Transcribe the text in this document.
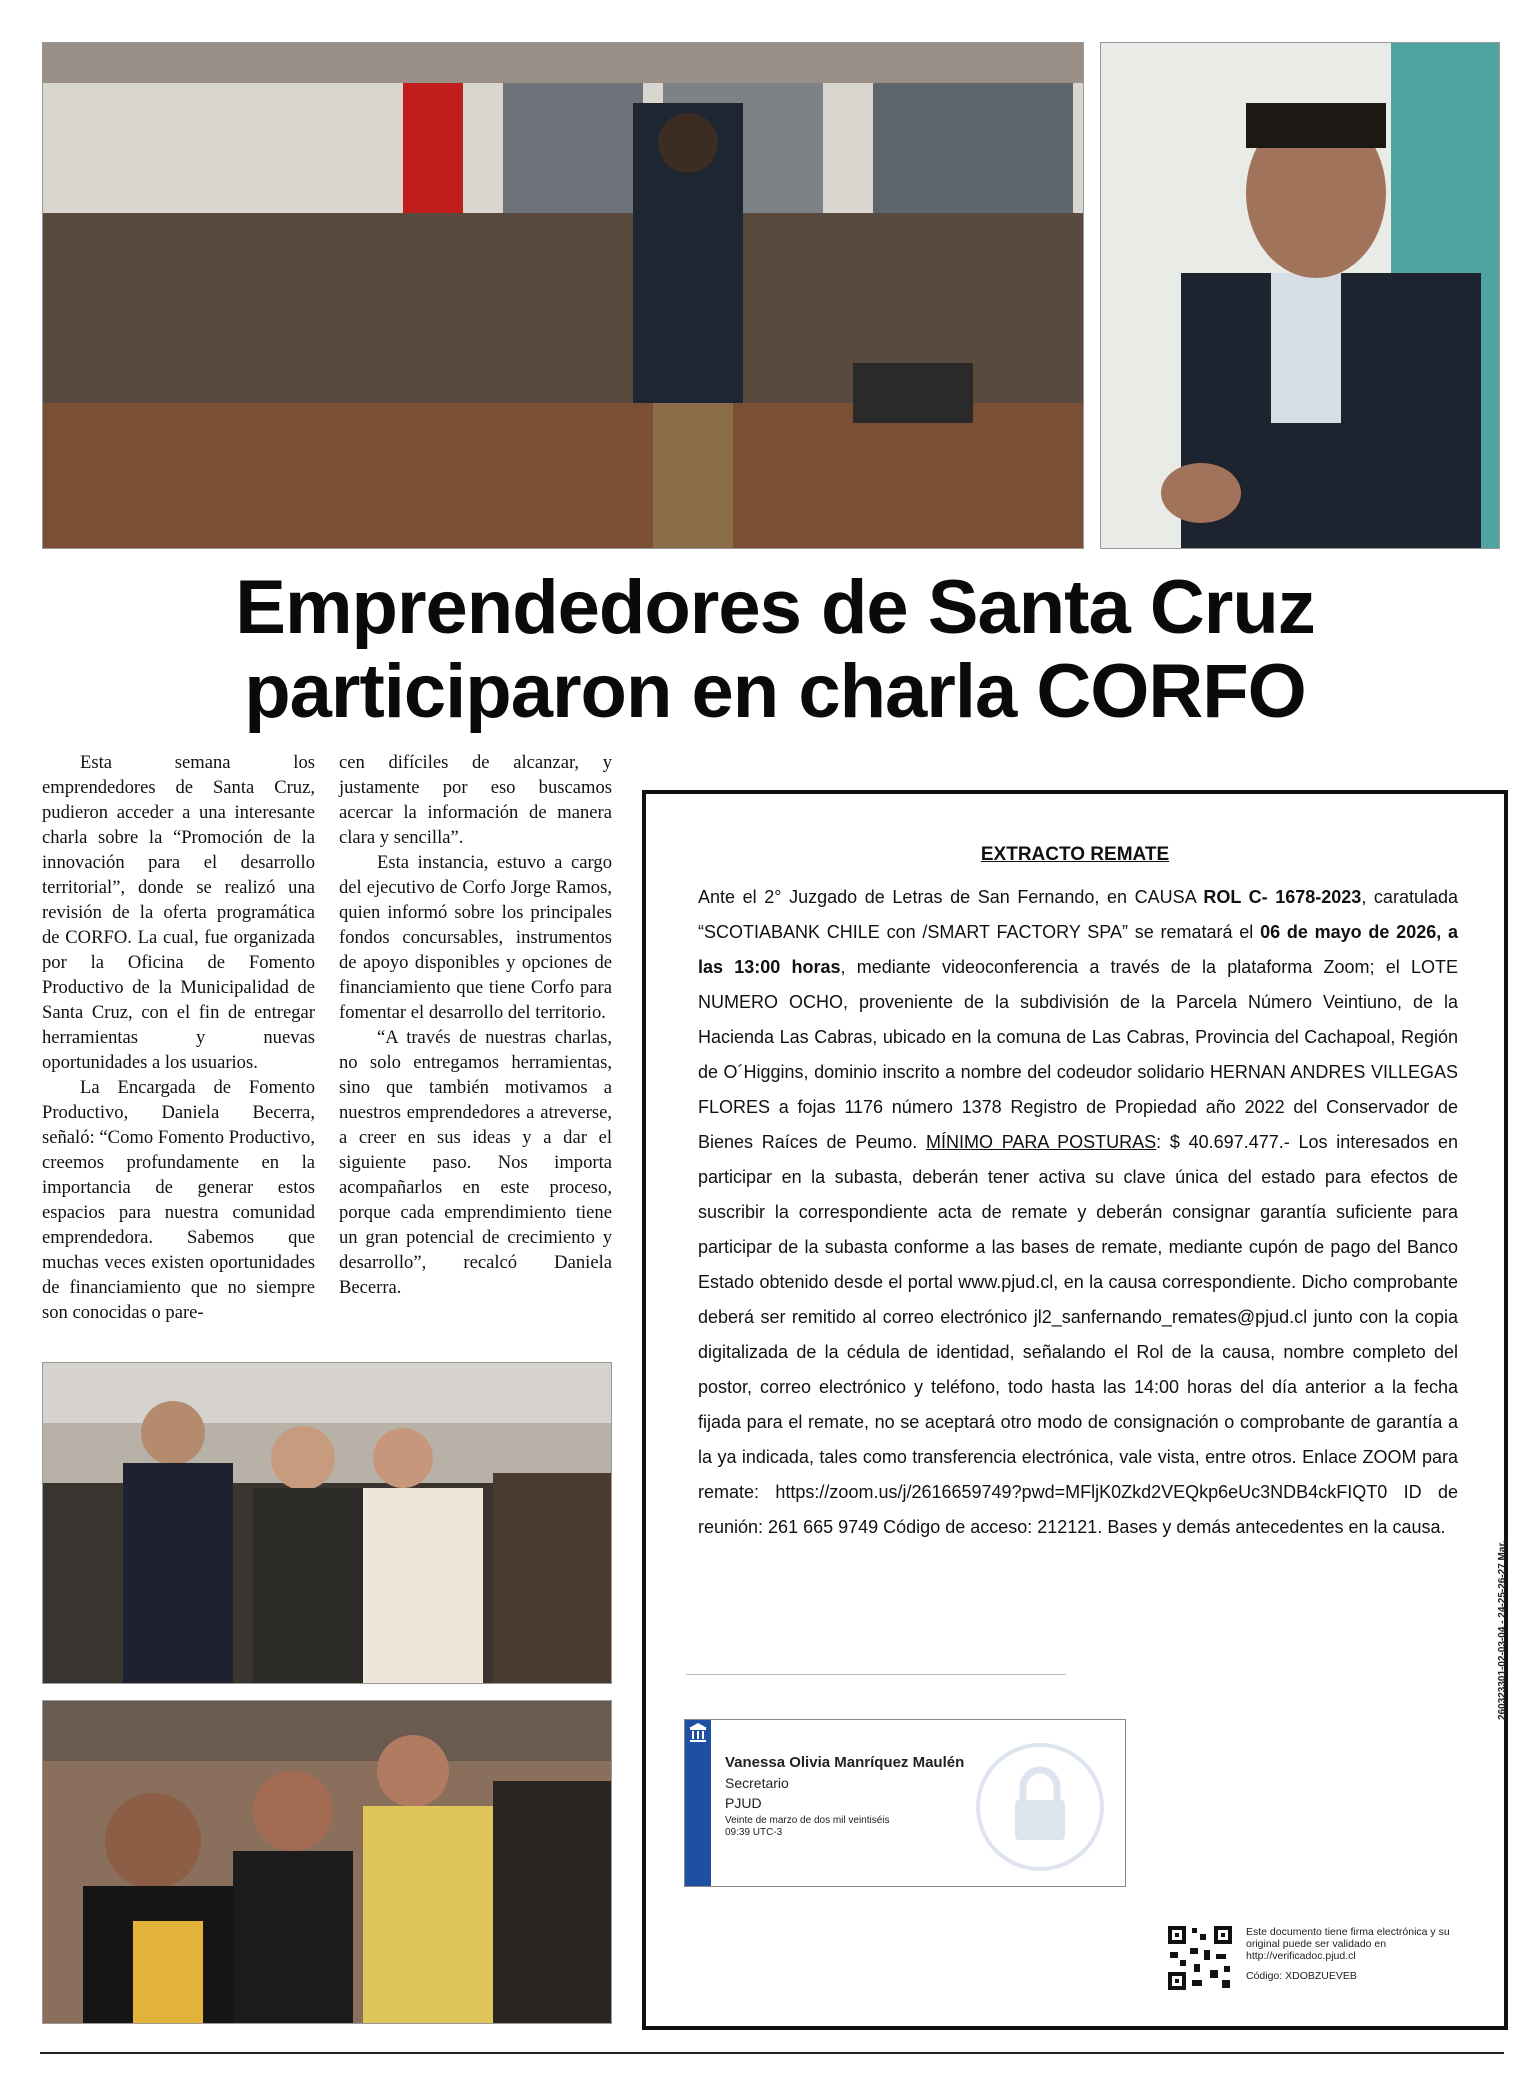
Emprendedores de Santa Cruz
participaron en charla CORFO

Esta semana los emprendedores de Santa Cruz, pudieron acceder a una interesante charla sobre la “Promoción de la innovación para el desarrollo territorial”, donde se realizó una revisión de la oferta programática de CORFO. La cual, fue organizada por la Oficina de Fomento Productivo de la Municipalidad de Santa Cruz, con el fin de entregar herramientas y nuevas oportunidades a los usuarios.

La Encargada de Fomento Productivo, Daniela Becerra, señaló: “Como Fomento Productivo, creemos profundamente en la importancia de generar estos espacios para nuestra comunidad emprendedora. Sabemos que muchas veces existen oportunidades de financiamiento que no siempre son conocidas o pare-

cen difíciles de alcanzar, y justamente por eso buscamos acercar la información de manera clara y sencilla”.

Esta instancia, estuvo a cargo del ejecutivo de Corfo Jorge Ramos, quien informó sobre los principales fondos concursables, instrumentos de apoyo disponibles y opciones de financiamiento que tiene Corfo para fomentar el desarrollo del territorio.

“A través de nuestras charlas, no solo entregamos herramientas, sino que también motivamos a nuestros emprendedores a atreverse, a creer en sus ideas y a dar el siguiente paso. Nos importa acompañarlos en este proceso, porque cada emprendimiento tiene un gran potencial de crecimiento y desarrollo”, recalcó Daniela Becerra.

EXTRACTO REMATE
Ante el 2° Juzgado de Letras de San Fernando, en CAUSA ROL C- 1678-2023, caratulada “SCOTIABANK CHILE con /SMART FACTORY SPA” se rematará el 06 de mayo de 2026, a las 13:00 horas, mediante videoconferencia a través de la plataforma Zoom; el LOTE NUMERO OCHO, proveniente de la subdivisión de la Parcela Número Veintiuno, de la Hacienda Las Cabras, ubicado en la comuna de Las Cabras, Provincia del Cachapoal, Región de O´Higgins, dominio inscrito a nombre del codeudor solidario HERNAN ANDRES VILLEGAS FLORES a fojas 1176 número 1378 Registro de Propiedad año 2022 del Conservador de Bienes Raíces de Peumo. MÍNIMO PARA POSTURAS: $ 40.697.477.- Los interesados en participar en la subasta, deberán tener activa su clave única del estado para efectos de suscribir la correspondiente acta de remate y deberán consignar garantía suficiente para participar de la subasta conforme a las bases de remate, mediante cupón de pago del Banco Estado obtenido desde el portal www.pjud.cl, en la causa correspondiente. Dicho comprobante deberá ser remitido al correo electrónico jl2_sanfernando_remates@pjud.cl junto con la copia digitalizada de la cédula de identidad, señalando el Rol de la causa, nombre completo del postor, correo electrónico y teléfono, todo hasta las 14:00 horas del día anterior a la fecha fijada para el remate, no se aceptará otro modo de consignación o comprobante de garantía a la ya indicada, tales como transferencia electrónica, vale vista, entre otros. Enlace ZOOM para remate: https://zoom.us/j/2616659749?pwd=MFljK0Zkd2VEQkp6eUc3NDB4ckFIQT0 ID de reunión: 261 665 9749 Código de acceso: 212121. Bases y demás antecedentes en la causa.
Vanessa Olivia Manríquez Maulén
Secretario
PJUD
Veinte de marzo de dos mil veintiséis
09:39 UTC-3
Este documento tiene firma electrónica y su original puede ser validado en http://verificadoc.pjud.cl
Código: XDOBZUEVEB
260323301-02-03-04 - 24-25-26-27 Mar.
